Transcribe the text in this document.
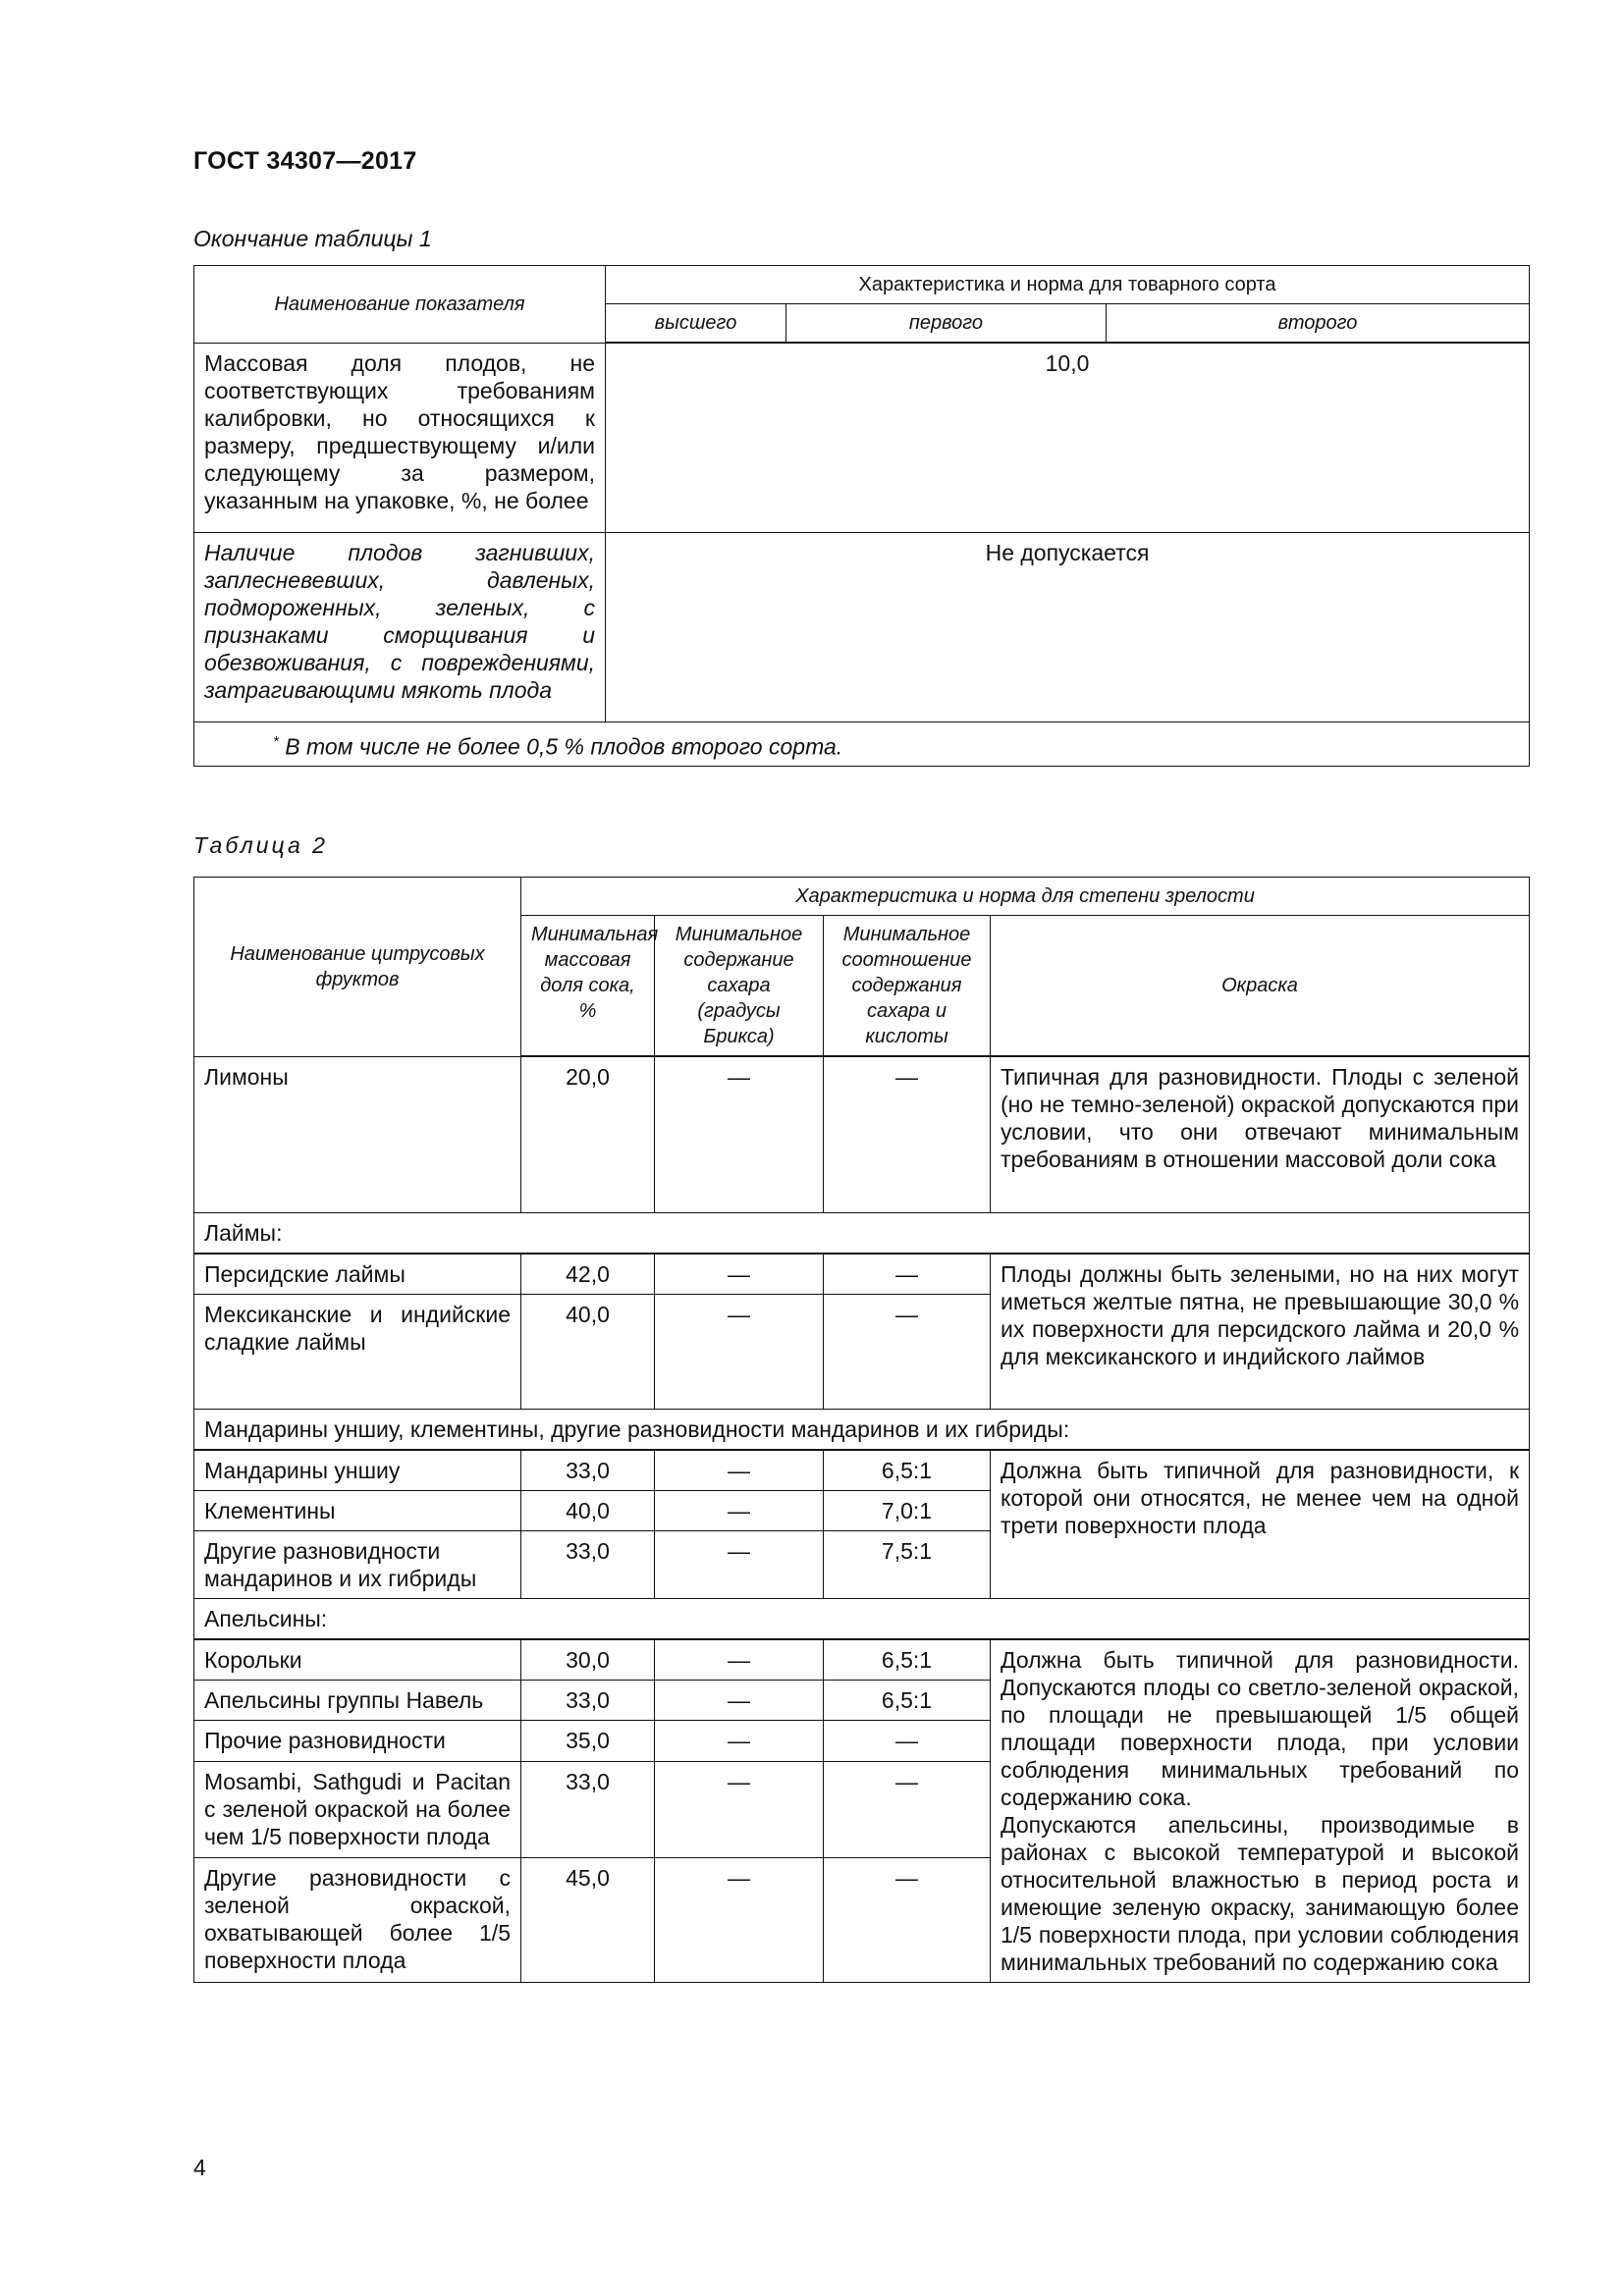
ГОСТ 34307—2017
Окончание таблицы 1
Наименование показателя	Характеристика и норма для товарного сорта		
	высшего	первого	второго
Массовая доля плодов, не соответствующих требованиям калибровки, но относящихся к размеру, предшествующему и/или следующему за размером, указанным на упаковке, %, не более	10,0		
Наличие плодов загнивших, заплесневевших, давленых, подмороженных, зеленых, с признаками сморщивания и обезвоживания, с повреждениями, затрагивающими мякоть плода	Не допускается		
* В том числе не более 0,5 % плодов второго сорта.			
Таблица 2
Наименование цитрусовых фруктов	Характеристика и норма для степени зрелости			
	Минимальная массовая доля сока, %	Минимальное содержание сахара (градусы Брикса)	Минимальное соотношение содержания сахара и кислоты	Окраска
Лимоны	20,0	—	—	Типичная для разновидности. Плоды с зеленой (но не темно-зеленой) окраской допускаются при условии, что они отвечают минимальным требованиям в отношении массовой доли сока
Лаймы:				
Персидские лаймы	42,0	—	—	Плоды должны быть зелеными, но на них могут иметься желтые пятна, не превышающие 30,0 % их поверхности для персидского лайма и 20,0 % для мексиканского и индийского лаймов
Мексиканские и индийские сладкие лаймы	40,0	—	—	
Мандарины уншиу, клементины, другие разновидности мандаринов и их гибриды:				
Мандарины уншиу	33,0	—	6,5:1	Должна быть типичной для разновидности, к которой они относятся, не менее чем на одной трети поверхности плода
Клементины	40,0	—	7,0:1	
Другие разновидности мандаринов и их гибриды	33,0	—	7,5:1	
Апельсины:				
Корольки	30,0	—	6,5:1	Должна быть типичной для разновидности. Допускаются плоды со светло-зеленой окраской, по площади не превышающей 1/5 общей площади поверхности плода, при условии соблюдения минимальных требований по содержанию сока.
Допускаются апельсины, производимые в районах с высокой температурой и высокой относительной влажностью в период роста и имеющие зеленую окраску, занимающую более 1/5 поверхности плода, при условии соблюдения минимальных требований по содержанию сока

Апельсины группы Навель	33,0	—	6,5:1	
Прочие разновидности	35,0	—	—	
Mosambi, Sathgudi и Pacitan с зеленой окраской на более чем 1/5 поверхности плода	33,0	—	—	
Другие разновидности с зеленой окраской, охватывающей более 1/5 поверхности плода	45,0	—	—	
4
